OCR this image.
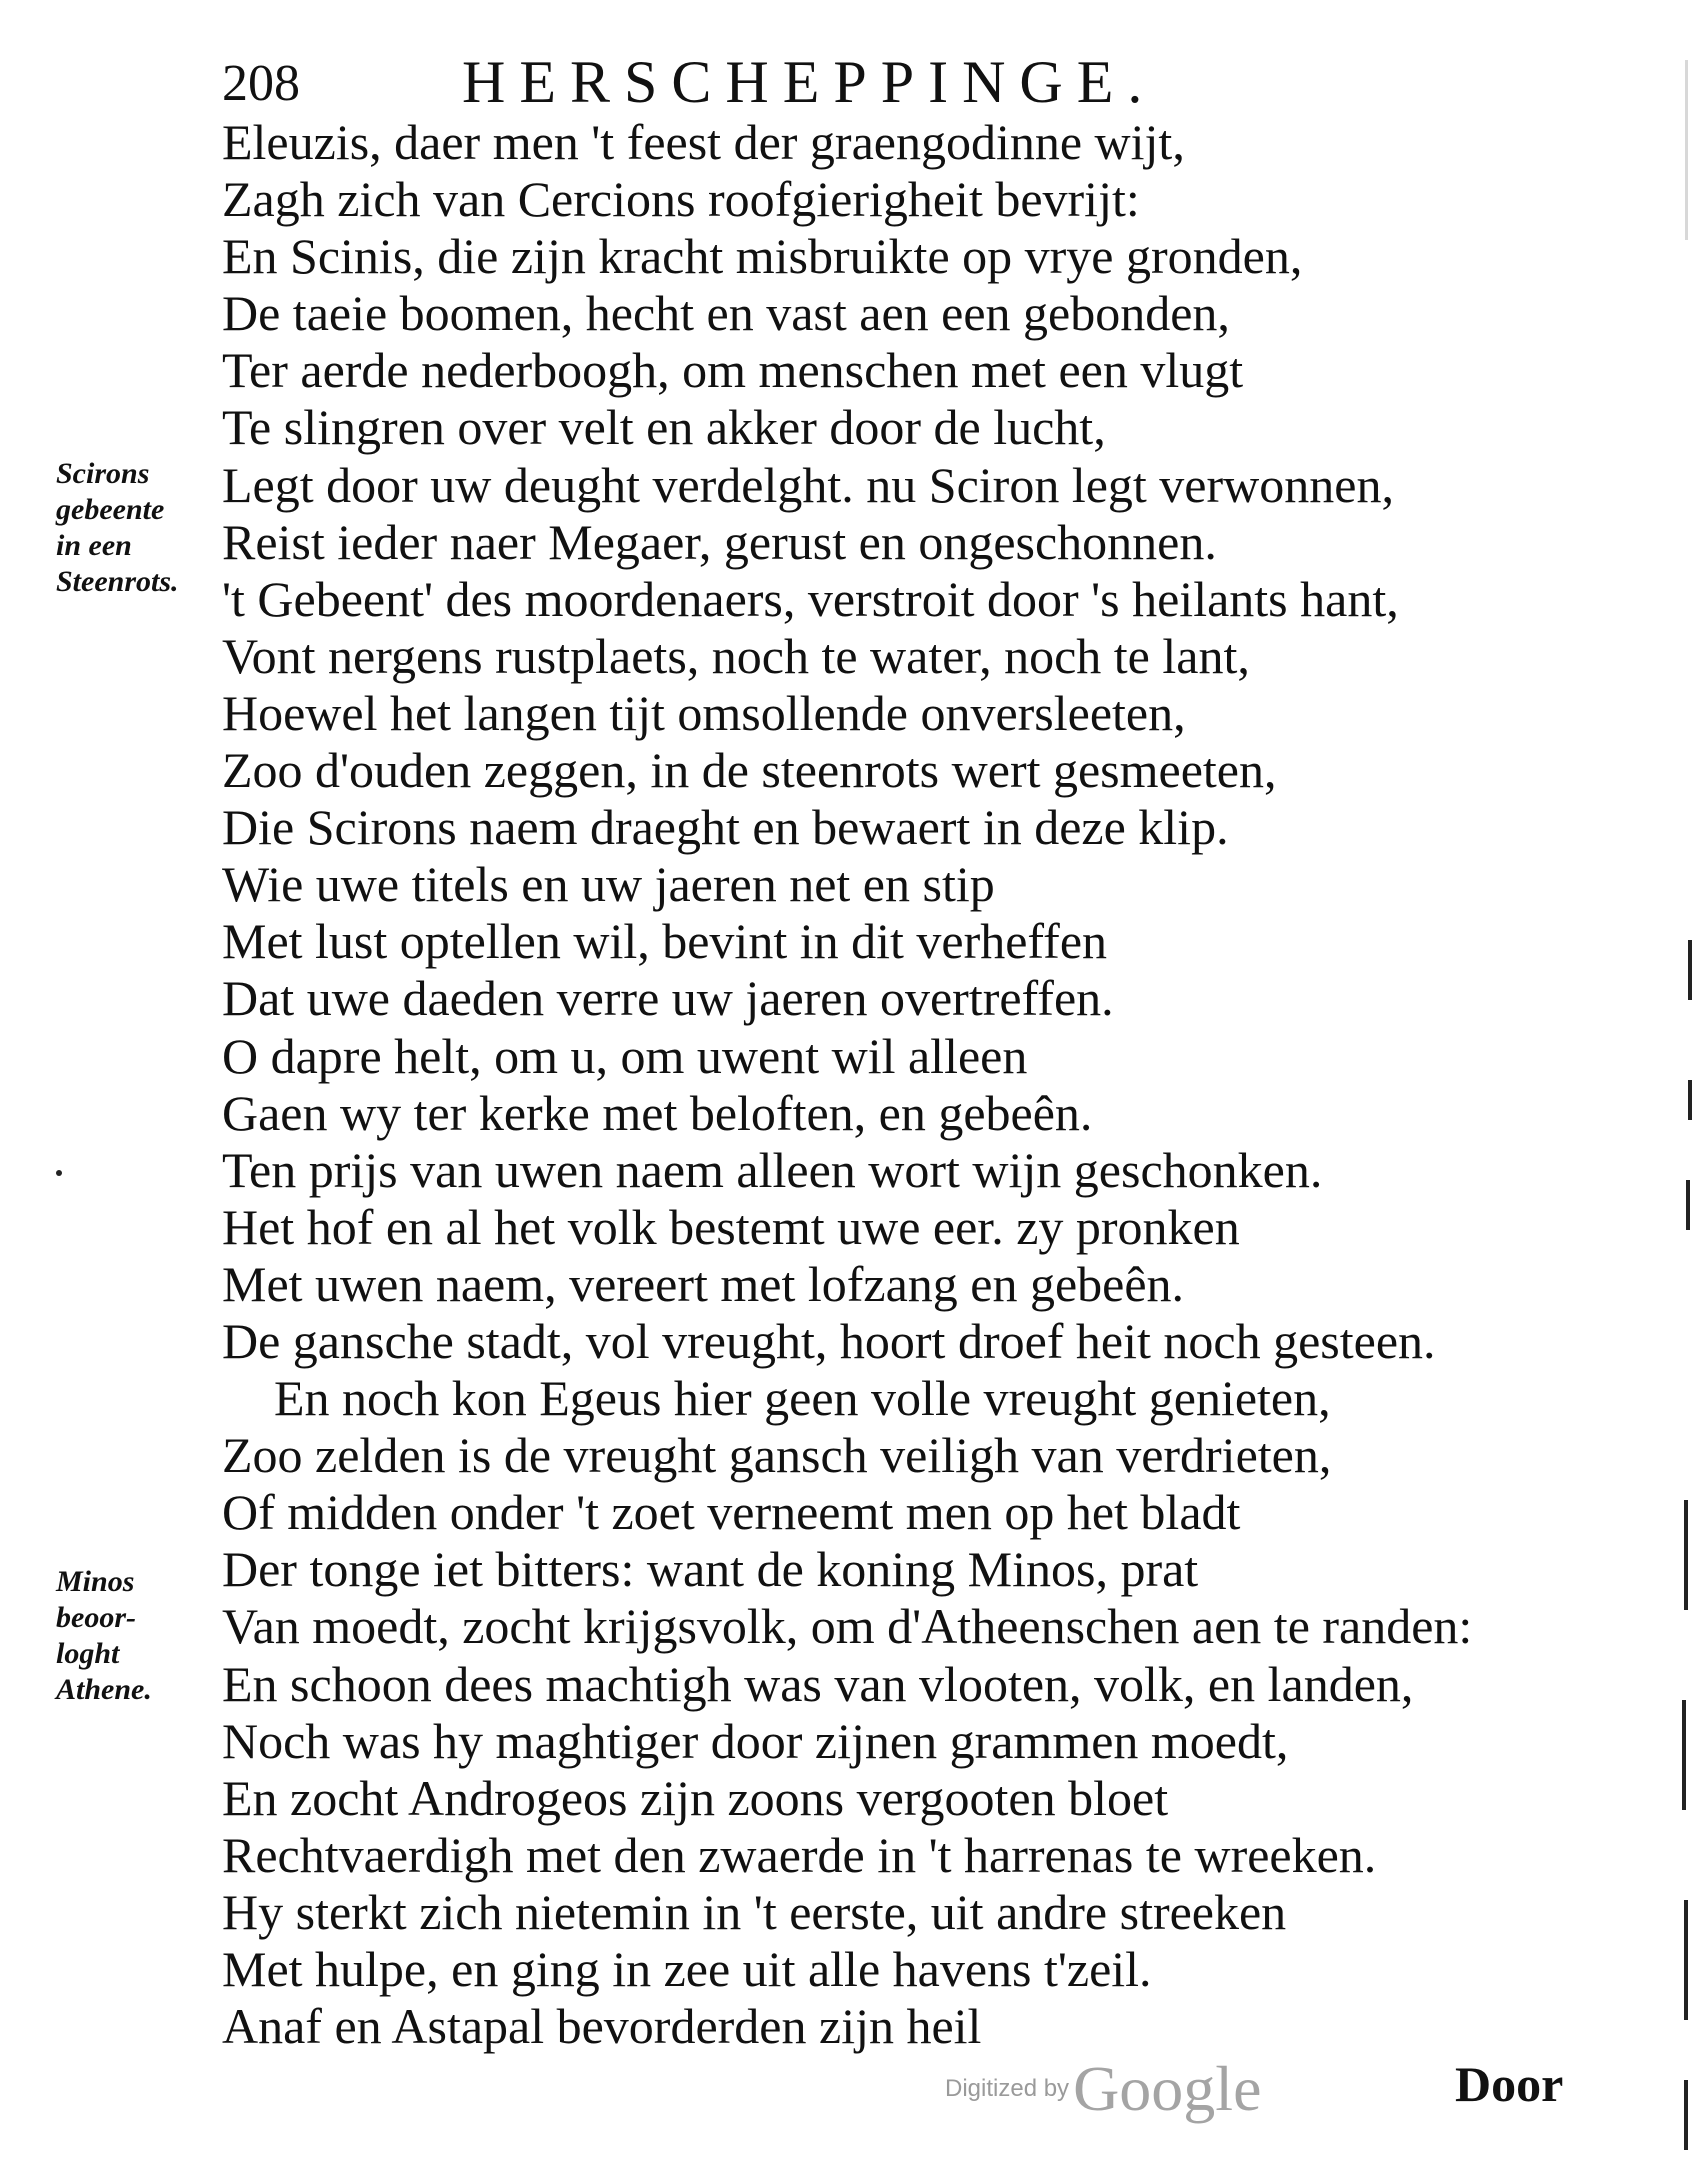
208	HERSCHEPPINGE.
Eleuzis, daer men 't feest der graengodinne wijt,
Zagh zich van Cercions roofgierigheit bevrijt:
En Scinis, die zijn kracht misbruikte op vrye gronden,
De taeie boomen, hecht en vast aen een gebonden,
Ter aerde nederboogh, om menschen met een vlugt
Te slingren over velt en akker door de lucht,
Legt door uw deught verdelght. nu Sciron legt verwonnen,
Reist ieder naer Megaer, gerust en ongeschonnen.
't Gebeent' des moordenaers, verstroit door 's heilants hant,
Vont nergens rustplaets, noch te water, noch te lant,
Hoewel het langen tijt omsollende onversleeten,
Zoo d'ouden zeggen, in de steenrots wert gesmeeten,
Die Scirons naem draeght en bewaert in deze klip.
Wie uwe titels en uw jaeren net en stip
Met lust optellen wil, bevint in dit verheffen
Dat uwe daeden verre uw jaeren overtreffen.
O dapre helt, om u, om uwent wil alleen
Gaen wy ter kerke met beloften, en gebeên.
Ten prijs van uwen naem alleen wort wijn geschonken.
Het hof en al het volk bestemt uwe eer. zy pronken
Met uwen naem, vereert met lofzang en gebeên.
De gansche stadt, vol vreught, hoort droef heit noch gesteen.
En noch kon Egeus hier geen volle vreught genieten,
Zoo zelden is de vreught gansch veiligh van verdrieten,
Of midden onder 't zoet verneemt men op het bladt
Der tonge iet bitters: want de koning Minos, prat
Van moedt, zocht krijgsvolk, om d'Atheenschen aen te randen:
En schoon dees machtigh was van vlooten, volk, en landen,
Noch was hy maghtiger door zijnen grammen moedt,
En zocht Androgeos zijn zoons vergooten bloet
Rechtvaerdigh met den zwaerde in 't harrenas te wreeken.
Hy sterkt zich nietemin in 't eerste, uit andre streeken
Met hulpe, en ging in zee uit alle havens t'zeil.
Anaf en Astapal bevorderden zijn heil
Scirons
gebeente
in een
Steenrots.
Minos
beoor-
loght
Athene.
Digitized by Google	Door
